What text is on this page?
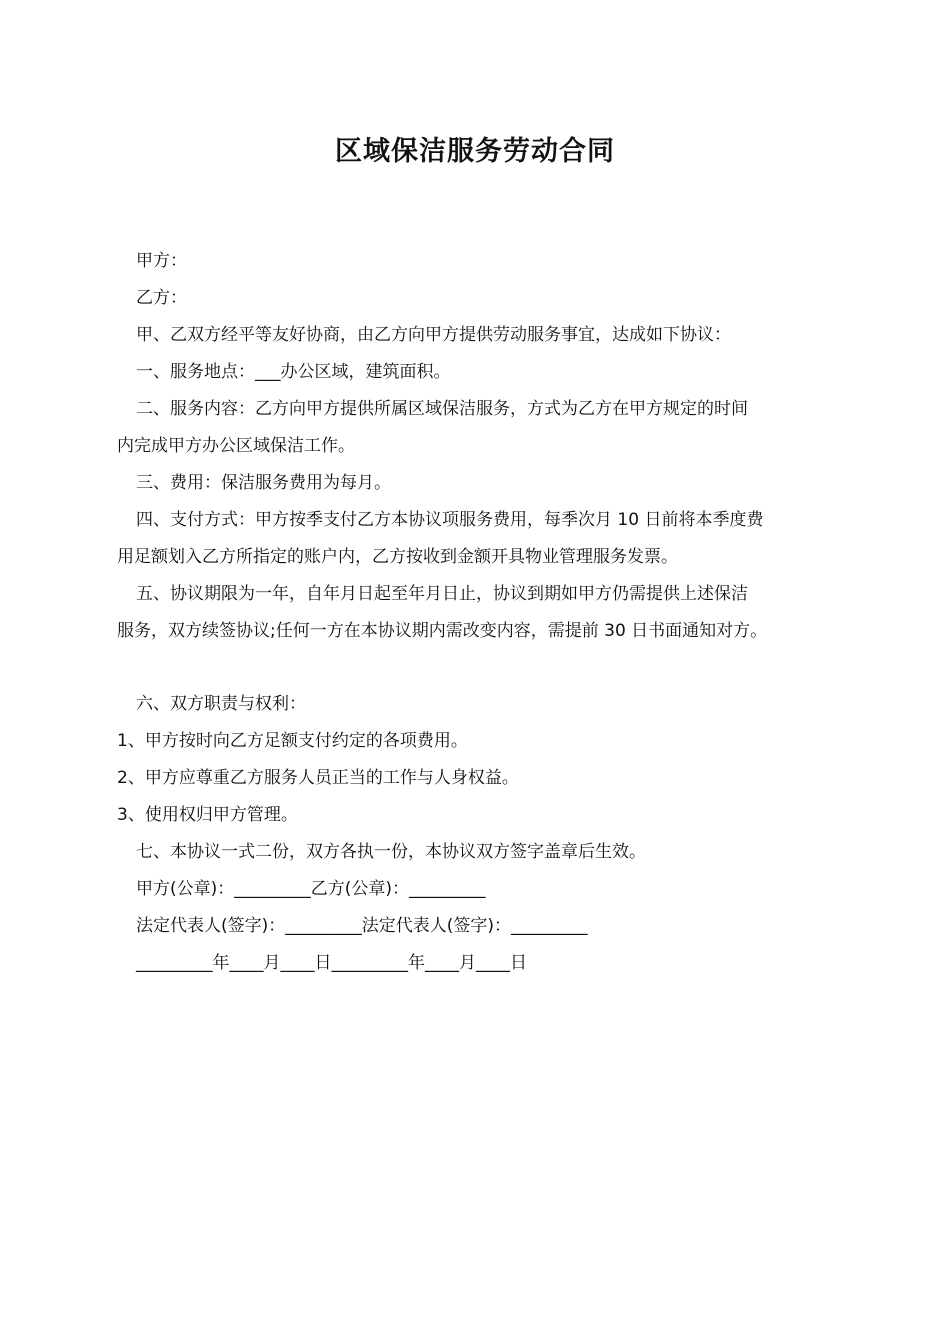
区域保洁服务劳动合同

甲方：

乙方：

甲、乙双方经平等友好协商，由乙方向甲方提供劳动服务事宜，达成如下协议：

一、服务地点：___办公区域，建筑面积。

二、服务内容：乙方向甲方提供所属区域保洁服务，方式为乙方在甲方规定的时间

内完成甲方办公区域保洁工作。

三、费用：保洁服务费用为每月。

四、支付方式：甲方按季支付乙方本协议项服务费用，每季次月 10 日前将本季度费

用足额划入乙方所指定的账户内，乙方按收到金额开具物业管理服务发票。

五、协议期限为一年，自年月日起至年月日止，协议到期如甲方仍需提供上述保洁

服务，双方续签协议;任何一方在本协议期内需改变内容，需提前 30 日书面通知对方。

六、双方职责与权利：

1、甲方按时向乙方足额支付约定的各项费用。

2、甲方应尊重乙方服务人员正当的工作与人身权益。

3、使用权归甲方管理。

七、本协议一式二份，双方各执一份，本协议双方签字盖章后生效。

甲方(公章)：_________乙方(公章)：_________

法定代表人(签字)：_________法定代表人(签字)：_________

_________年____月____日_________年____月____日
